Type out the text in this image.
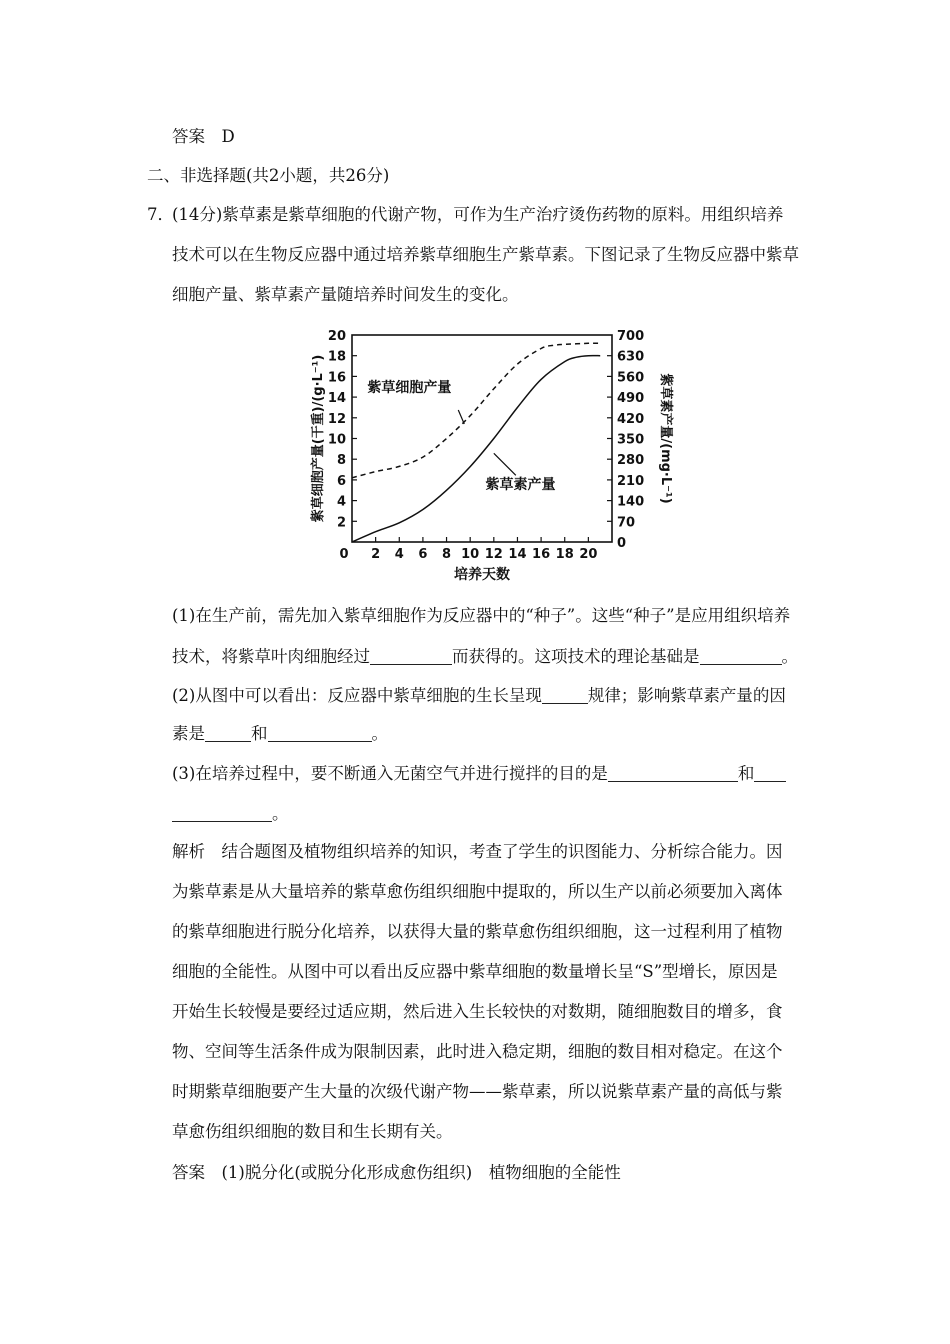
答案　D
二、非选择题(共2小题，共26分)
7．
(14分)紫草素是紫草细胞的代谢产物，可作为生产治疗烫伤药物的原料。用组织培养
技术可以在生物反应器中通过培养紫草细胞生产紫草素。下图记录了生物反应器中紫草
细胞产量、紫草素产量随培养时间发生的变化。
0 2 4 6 8 10 12 14 16 18 20
2
4
6
8
10
12
14
16
18
20
0
70
140
210
280
350
420
490
560
630
700
培养天数
紫草细胞产量(干重)/(g·L⁻¹)	紫草素产量/(mg·L⁻¹)
紫草细胞产量
紫草素产量
(1)在生产前，需先加入紫草细胞作为反应器中的“种子”。这些“种子”是应用组织培养
技术，将紫草叶肉细胞经过	而获得的。这项技术的理论基础是	。
(2)从图中可以看出：反应器中紫草细胞的生长呈现	规律；影响紫草素产量的因
素是	和	。
(3)在培养过程中，要不断通入无菌空气并进行搅拌的目的是	和
。
解析　结合题图及植物组织培养的知识，考查了学生的识图能力、分析综合能力。因
为紫草素是从大量培养的紫草愈伤组织细胞中提取的，所以生产以前必须要加入离体
的紫草细胞进行脱分化培养，以获得大量的紫草愈伤组织细胞，这一过程利用了植物
细胞的全能性。从图中可以看出反应器中紫草细胞的数量增长呈“S”型增长，原因是
开始生长较慢是要经过适应期，然后进入生长较快的对数期，随细胞数目的增多，食
物、空间等生活条件成为限制因素，此时进入稳定期，细胞的数目相对稳定。在这个
时期紫草细胞要产生大量的次级代谢产物——紫草素，所以说紫草素产量的高低与紫
草愈伤组织细胞的数目和生长期有关。
答案　(1)脱分化(或脱分化形成愈伤组织)　植物细胞的全能性
